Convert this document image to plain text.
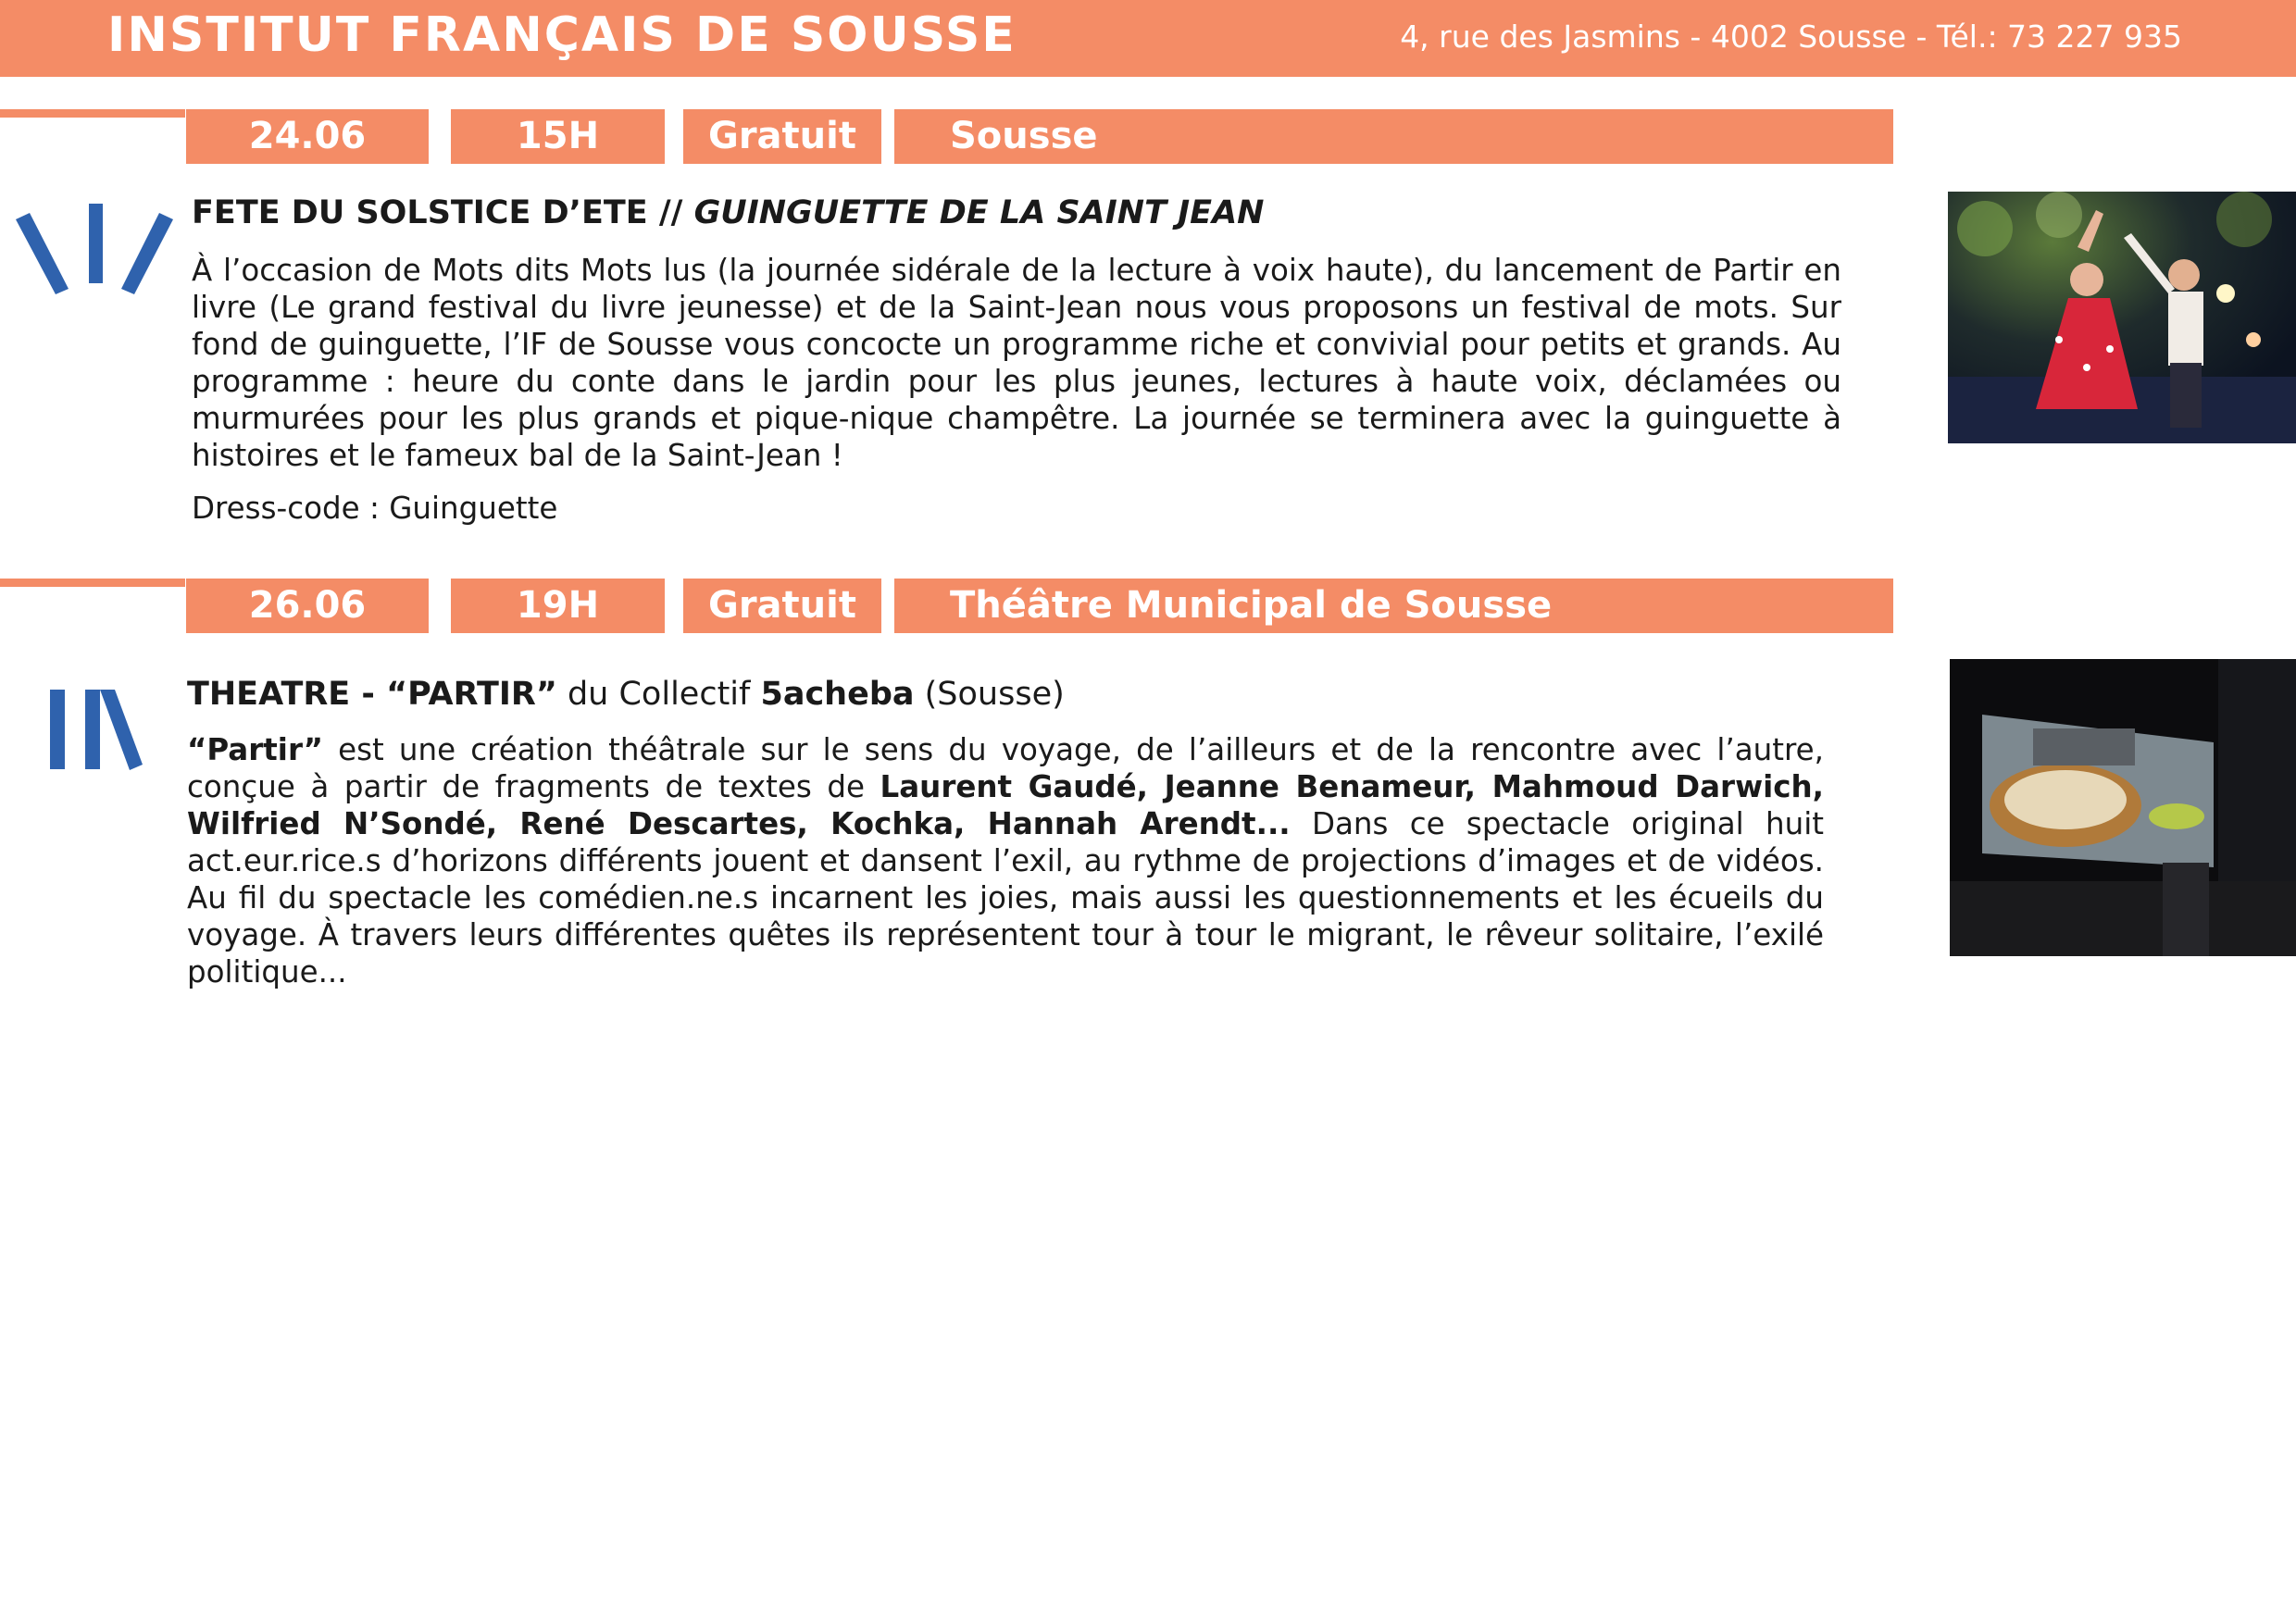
INSTITUT FRANÇAIS DE SOUSSE	4, rue des Jasmins - 4002 Sousse - Tél.: 73 227 935
24.06	15H	Gratuit	Sousse
FETE DU SOLSTICE D’ETE // GUINGUETTE DE LA SAINT JEAN
À l’occasion de Mots dits Mots lus (la journée sidérale de la lecture à voix haute), du lancement de Partir en livre (Le grand festival du livre jeunesse) et de la Saint-Jean nous vous proposons un festival de mots. Sur fond de guinguette, l’IF de Sousse vous concocte un programme riche et convivial pour petits et grands. Au programme : heure du conte dans le jardin pour les plus jeunes, lectures à haute voix, déclamées ou murmurées pour les plus grands et pique-nique champêtre. La journée se terminera avec la guinguette à histoires et le fameux bal de la Saint-Jean !
Dress-code : Guinguette
26.06	19H	Gratuit	Théâtre Municipal de Sousse
THEATRE - “PARTIR” du Collectif 5acheba (Sousse)
“Partir” est une création théâtrale sur le sens du voyage, de l’ailleurs et de la rencontre avec l’autre, conçue à partir de fragments de textes de Laurent Gaudé, Jeanne Benameur, Mahmoud Darwich, Wilfried N’Sondé, René Descartes, Kochka, Hannah Arendt... Dans ce spectacle original huit act.eur.rice.s d’horizons différents jouent et dansent l’exil, au rythme de projections d’images et de vidéos. Au fil du spectacle les comédien.ne.s incarnent les joies, mais aussi les questionnements et les écueils du voyage. À travers leurs différentes quêtes ils représentent tour à tour le migrant, le rêveur solitaire, l’exilé politique...
